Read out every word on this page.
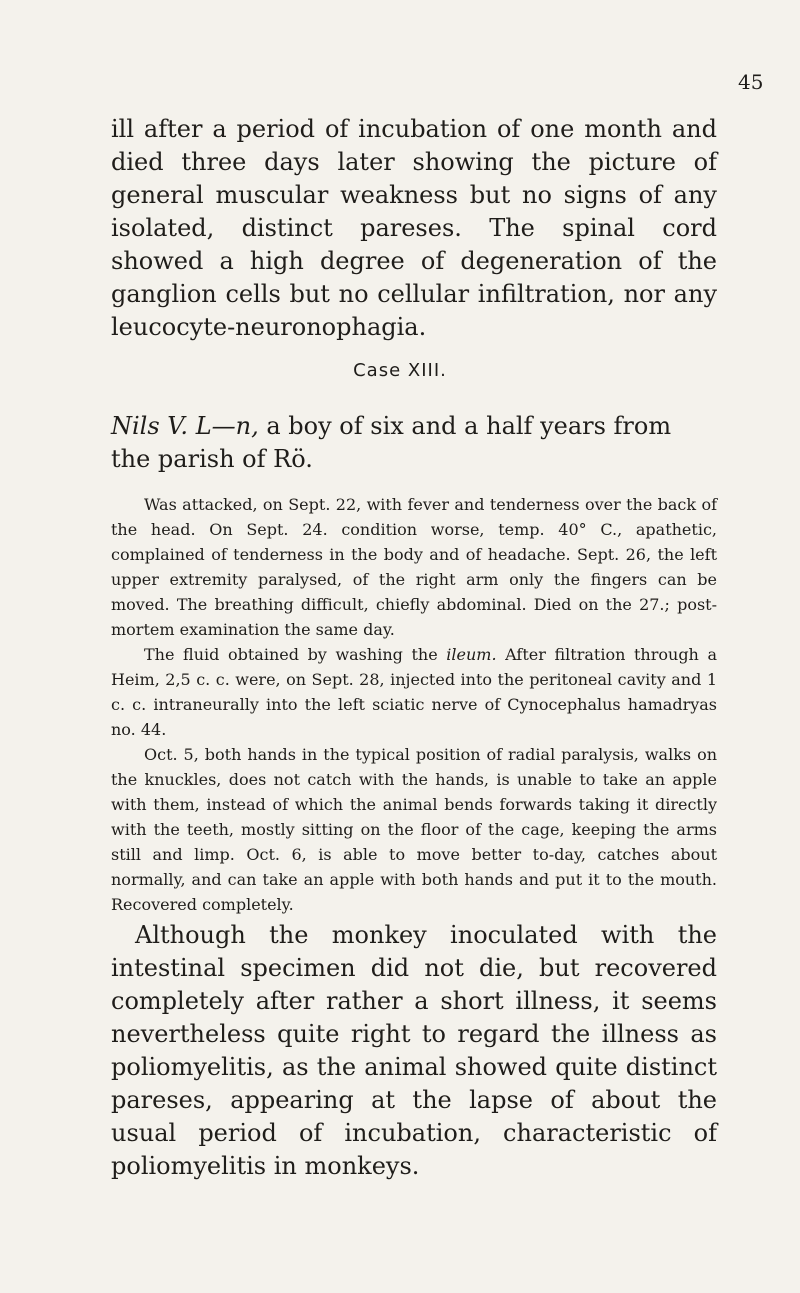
45

ill after a period of incubation of one month and died three days later showing the picture of general muscular weakness but no signs of any isolated, distinct pareses. The spinal cord showed a high degree of degeneration of the ganglion cells but no cellular infiltration, nor any leucocyte-neuronophagia.

Case XIII.

Nils V. L—n, a boy of six and a half years from the parish of Rö.

Was attacked, on Sept. 22, with fever and tenderness over the back of the head. On Sept. 24. condition worse, temp. 40° C., apathetic, complained of tenderness in the body and of headache. Sept. 26, the left upper extremity paralysed, of the right arm only the fingers can be moved. The breathing difficult, chiefly abdominal. Died on the 27.; post-mortem examination the same day.

The fluid obtained by washing the ileum. After filtration through a Heim, 2,5 c. c. were, on Sept. 28, injected into the peritoneal cavity and 1 c. c. intraneurally into the left sciatic nerve of Cynocephalus hamadryas no. 44.

Oct. 5, both hands in the typical position of radial paralysis, walks on the knuckles, does not catch with the hands, is unable to take an apple with them, instead of which the animal bends forwards taking it directly with the teeth, mostly sitting on the floor of the cage, keeping the arms still and limp. Oct. 6, is able to move better to-day, catches about normally, and can take an apple with both hands and put it to the mouth. Recovered completely.

Although the monkey inoculated with the intestinal specimen did not die, but recovered completely after rather a short illness, it seems nevertheless quite right to regard the illness as poliomyelitis, as the animal showed quite distinct pareses, appearing at the lapse of about the usual period of incubation, characteristic of poliomyelitis in monkeys.
